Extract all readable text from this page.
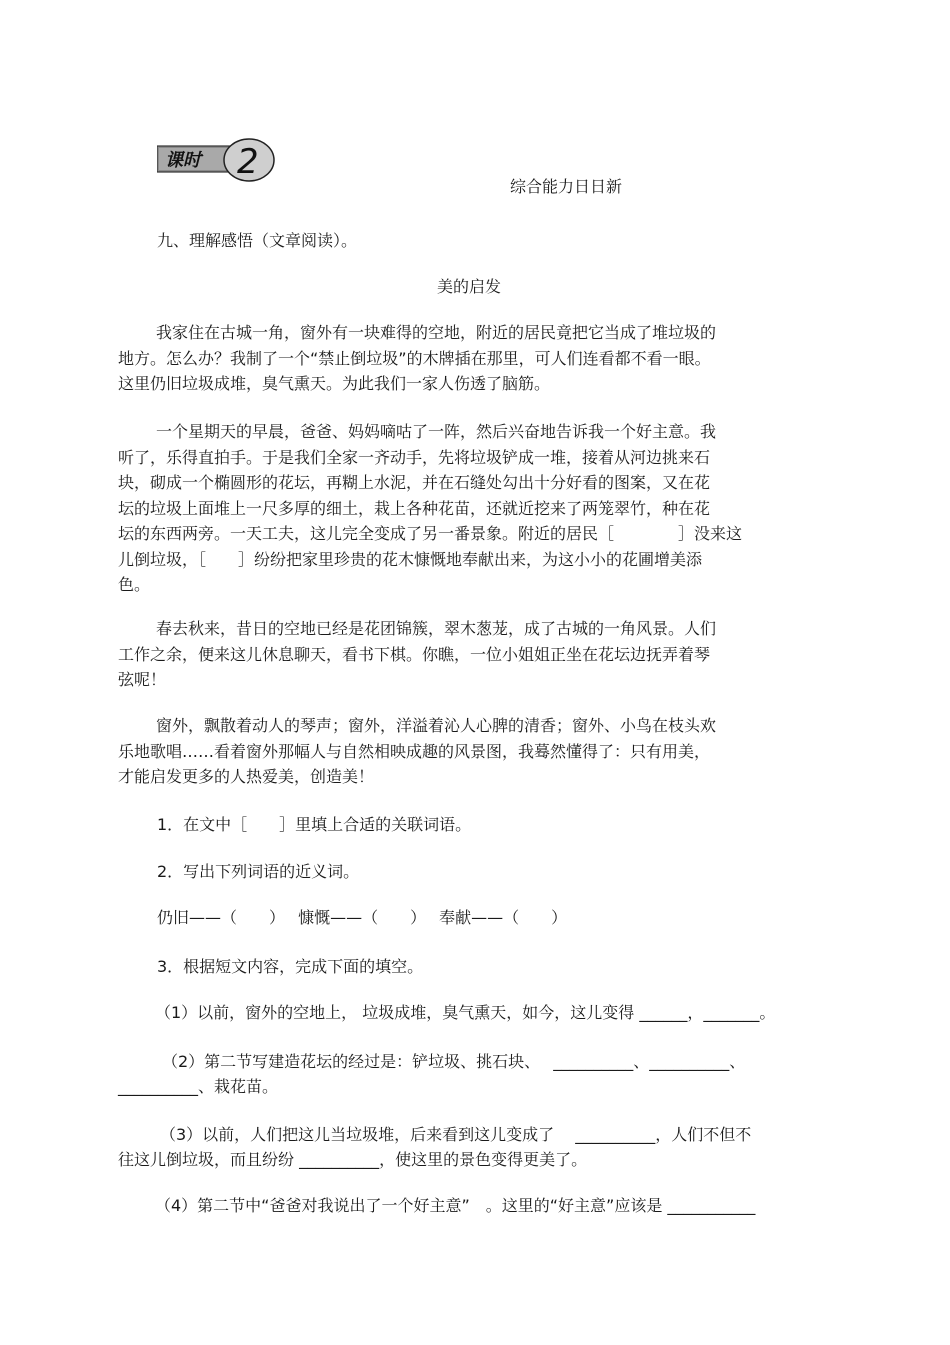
课时 2
综合能力日日新
九、理解感悟（文章阅读）。
美的启发
我家住在古城一角，窗外有一块难得的空地，附近的居民竟把它当成了堆垃圾的
地方。怎么办？我制了一个“禁止倒垃圾”的木牌插在那里，可人们连看都不看一眼。
这里仍旧垃圾成堆，臭气熏天。为此我们一家人伤透了脑筋。
一个星期天的早晨，爸爸、妈妈嘀咕了一阵，然后兴奋地告诉我一个好主意。我
听了，乐得直拍手。于是我们全家一齐动手，先将垃圾铲成一堆，接着从河边挑来石
块，砌成一个椭圆形的花坛，再糊上水泥，并在石缝处勾出十分好看的图案，又在花
坛的垃圾上面堆上一尺多厚的细土，栽上各种花苗，还就近挖来了两笼翠竹，种在花
坛的东西两旁。一天工夫，这儿完全变成了另一番景象。附近的居民［　　　　］没来这
儿倒垃圾，［　　］纷纷把家里珍贵的花木慷慨地奉献出来，为这小小的花圃增美添
色。
春去秋来，昔日的空地已经是花团锦簇，翠木葱茏，成了古城的一角风景。人们
工作之余，便来这儿休息聊天，看书下棋。你瞧，一位小姐姐正坐在花坛边抚弄着琴
弦呢！
窗外，飘散着动人的琴声；窗外，洋溢着沁人心脾的清香；窗外、小鸟在枝头欢
乐地歌唱……看着窗外那幅人与自然相映成趣的风景图，我蓦然懂得了：只有用美，
才能启发更多的人热爱美，创造美！
1．在文中［　　］里填上合适的关联词语。
2．写出下列词语的近义词。
仍旧——（　　）　 慷慨——（　　）　 奉献——（　　）
3．根据短文内容，完成下面的填空。
（1）以前，窗外的空地上， 垃圾成堆，臭气熏天，如今，这儿变得 ______，_______。
（2）第二节写建造花坛的经过是：铲垃圾、挑石块、　 __________、__________、
__________、栽花苗。
（3）以前，人们把这儿当垃圾堆，后来看到这儿变成了　 __________，人们不但不
往这儿倒垃圾，而且纷纷 __________，使这里的景色变得更美了。
（4）第二节中“爸爸对我说出了一个好主意”　。这里的“好主意”应该是 ___________
